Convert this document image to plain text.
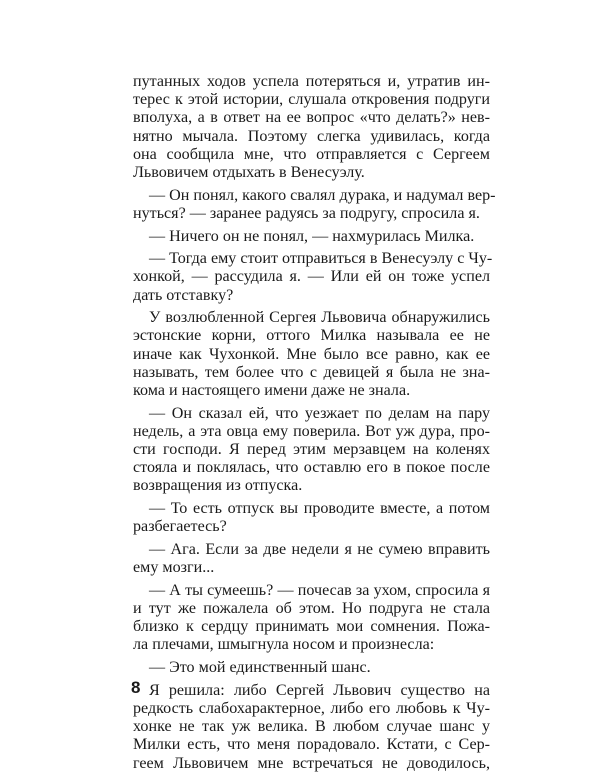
путанных ходов успела потеряться и, утратив ин-
терес к этой истории, слушала откровения подруги
вполуха, а в ответ на ее вопрос «что делать?» нев-
нятно мычала. Поэтому слегка удивилась, когда
она сообщила мне, что отправляется с Сергеем
Львовичем отдыхать в Венесуэлу.
— Он понял, какого свалял дурака, и надумал вер-
нуться? — заранее радуясь за подругу, спросила я.
— Ничего он не понял, — нахмурилась Милка.
— Тогда ему стоит отправиться в Венесуэлу с Чу-
хонкой, — рассудила я. — Или ей он тоже успел
дать отставку?
У возлюбленной Сергея Львовича обнаружились
эстонские корни, оттого Милка называла ее не
иначе как Чухонкой. Мне было все равно, как ее
называть, тем более что с девицей я была не зна-
кома и настоящего имени даже не знала.
— Он сказал ей, что уезжает по делам на пару
недель, а эта овца ему поверила. Вот уж дура, про-
сти господи. Я перед этим мерзавцем на коленях
стояла и поклялась, что оставлю его в покое после
возвращения из отпуска.
— То есть отпуск вы проводите вместе, а потом
разбегаетесь?
— Ага. Если за две недели я не сумею вправить
ему мозги...
— А ты сумеешь? — почесав за ухом, спросила я
и тут же пожалела об этом. Но подруга не стала
близко к сердцу принимать мои сомнения. Пожа-
ла плечами, шмыгнула носом и произнесла:
— Это мой единственный шанс.
Я решила: либо Сергей Львович существо на
редкость слабохарактерное, либо его любовь к Чу-
хонке не так уж велика. В любом случае шанс у
Милки есть, что меня порадовало. Кстати, с Сер-
геем Львовичем мне встречаться не доводилось,
8
